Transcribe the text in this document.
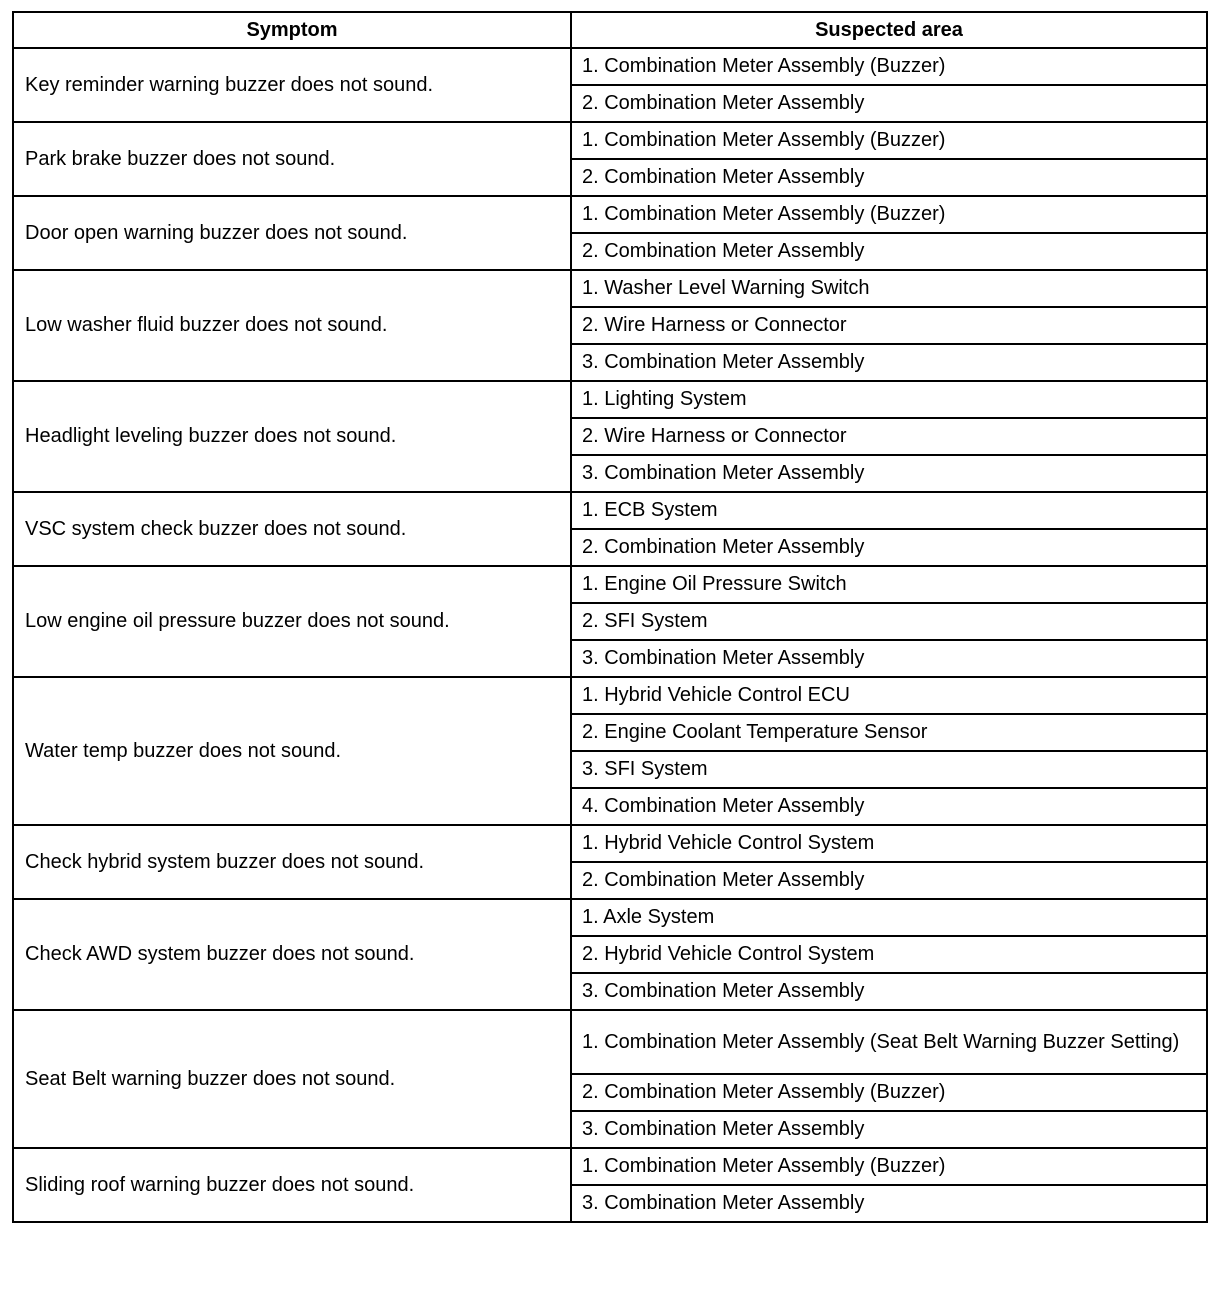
Symptom	Suspected area
Key reminder warning buzzer does not sound.	1. Combination Meter Assembly (Buzzer)
	2. Combination Meter Assembly
Park brake buzzer does not sound.	1. Combination Meter Assembly (Buzzer)
	2. Combination Meter Assembly
Door open warning buzzer does not sound.	1. Combination Meter Assembly (Buzzer)
	2. Combination Meter Assembly
Low washer fluid buzzer does not sound.	1. Washer Level Warning Switch
	2. Wire Harness or Connector
	3. Combination Meter Assembly
Headlight leveling buzzer does not sound.	1. Lighting System
	2. Wire Harness or Connector
	3. Combination Meter Assembly
VSC system check buzzer does not sound.	1. ECB System
	2. Combination Meter Assembly
Low engine oil pressure buzzer does not sound.	1. Engine Oil Pressure Switch
	2. SFI System
	3. Combination Meter Assembly
Water temp buzzer does not sound.	1. Hybrid Vehicle Control ECU
	2. Engine Coolant Temperature Sensor
	3. SFI System
	4. Combination Meter Assembly
Check hybrid system buzzer does not sound.	1. Hybrid Vehicle Control System
	2. Combination Meter Assembly
Check AWD system buzzer does not sound.	1. Axle System
	2. Hybrid Vehicle Control System
	3. Combination Meter Assembly
Seat Belt warning buzzer does not sound.	1. Combination Meter Assembly (Seat Belt Warning Buzzer Setting)
	2. Combination Meter Assembly (Buzzer)
	3. Combination Meter Assembly
Sliding roof warning buzzer does not sound.	1. Combination Meter Assembly (Buzzer)
	3. Combination Meter Assembly
